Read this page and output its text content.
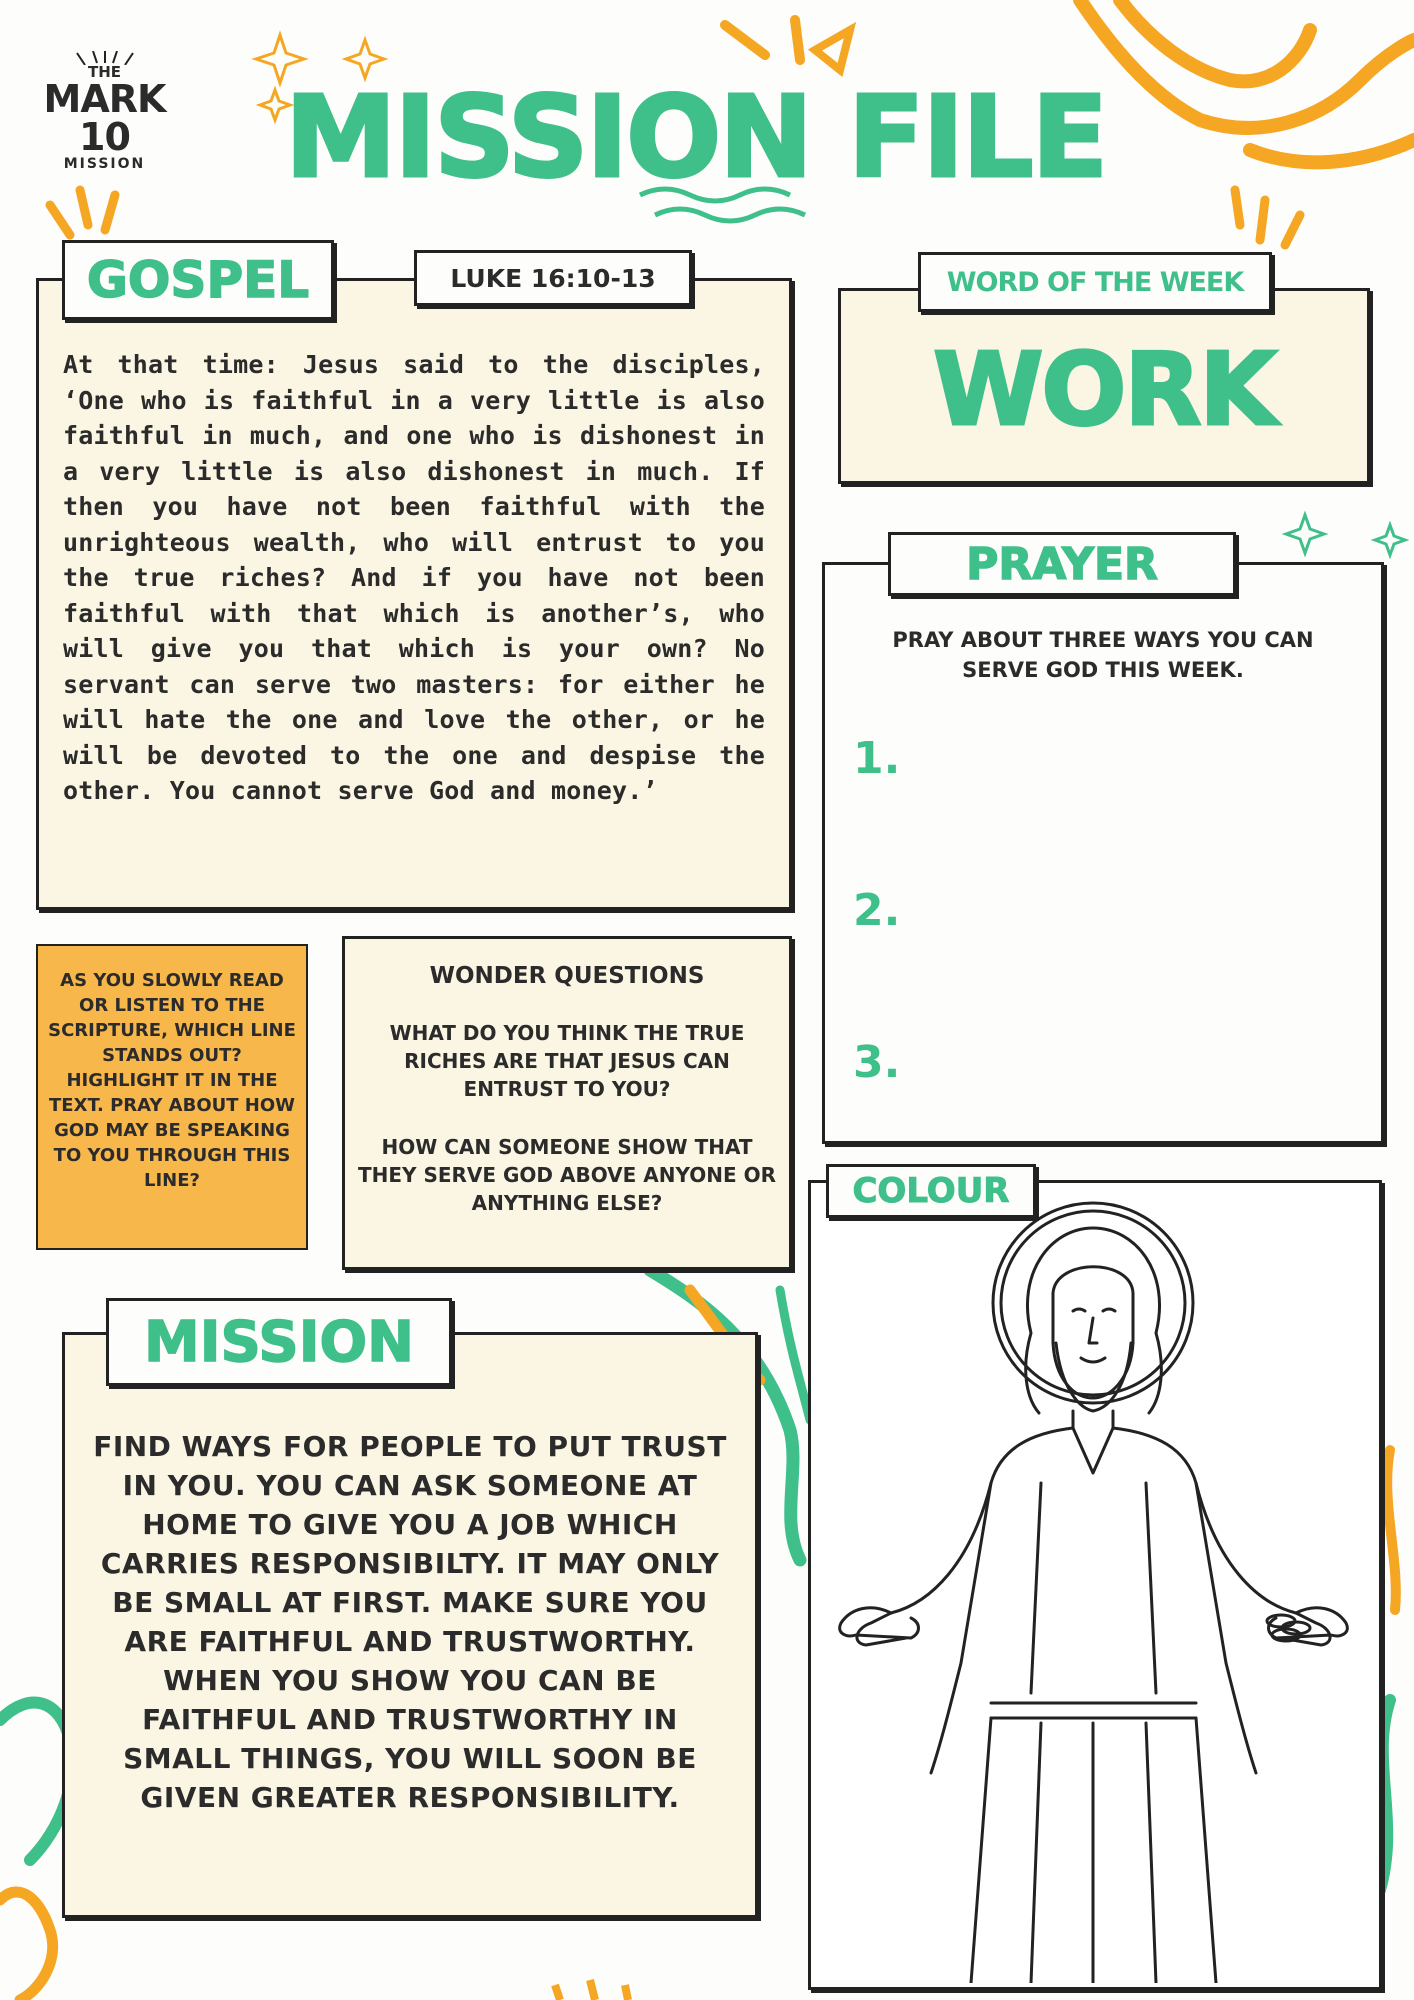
THE
MARK 10
MISSION	MISSION FILE
At that time: Jesus said to the disciples, ‘One who is faithful in a very little is also faithful in much, and one who is dishonest in a very little is also dishonest in much. If then you have not been faithful with the unrighteous wealth, who will entrust to you the true riches? And if you have not been faithful with that which is another’s, who will give you that which is your own? No servant can serve two masters: for either he will hate the one and love the other, or he will be devoted to the one and despise the other. You cannot serve God and money.’
GOSPEL	LUKE 16:10-13
WORK
WORD OF THE WEEK
PRAY ABOUT THREE WAYS YOU CAN SERVE GOD THIS WEEK.
1.
2.
3.
PRAYER
AS YOU SLOWLY READ OR LISTEN TO THE SCRIPTURE, WHICH LINE STANDS OUT? HIGHLIGHT IT IN THE TEXT. PRAY ABOUT HOW GOD MAY BE SPEAKING TO YOU THROUGH THIS LINE?
WONDER QUESTIONS
WHAT DO YOU THINK THE TRUE RICHES ARE THAT JESUS CAN ENTRUST TO YOU?
HOW CAN SOMEONE SHOW THAT THEY SERVE GOD ABOVE ANYONE OR ANYTHING ELSE?
FIND WAYS FOR PEOPLE TO PUT TRUST IN YOU. YOU CAN ASK SOMEONE AT HOME TO GIVE YOU A JOB WHICH CARRIES RESPONSIBILTY. IT MAY ONLY BE SMALL AT FIRST. MAKE SURE YOU ARE FAITHFUL AND TRUSTWORTHY. WHEN YOU SHOW YOU CAN BE FAITHFUL AND TRUSTWORTHY IN SMALL THINGS, YOU WILL SOON BE GIVEN GREATER RESPONSIBILITY.
MISSION
COLOUR
